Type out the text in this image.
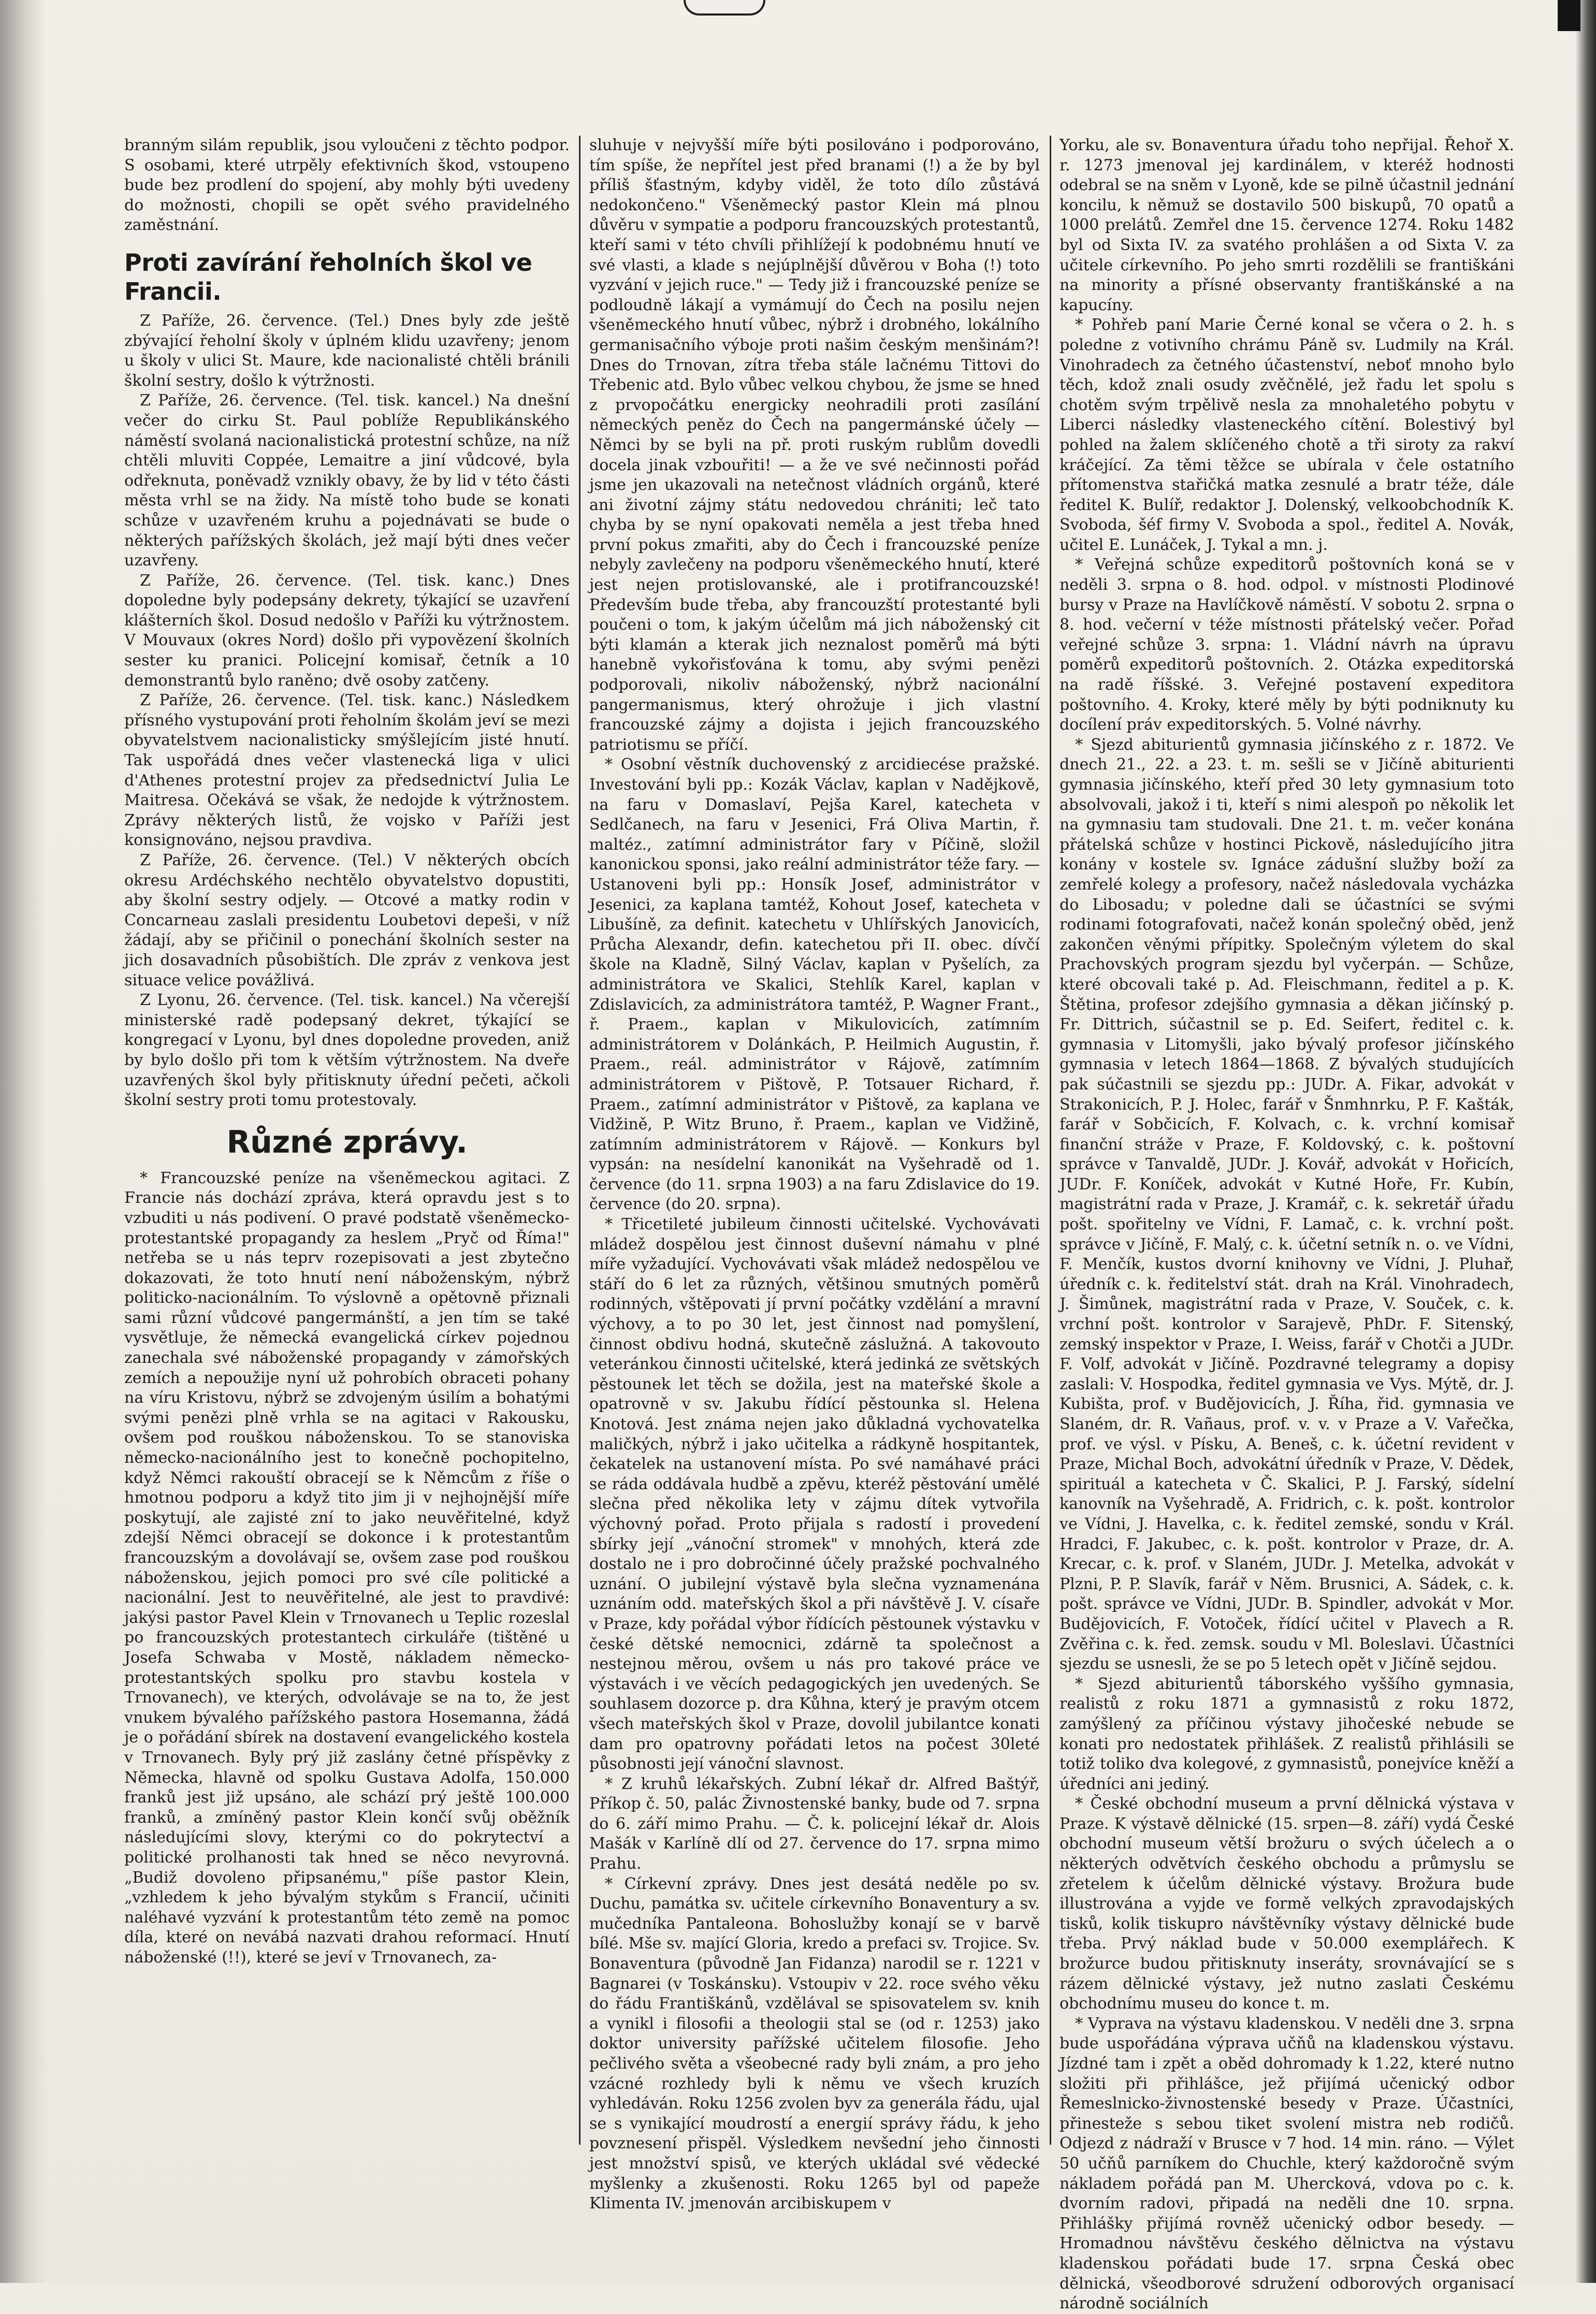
branným silám republik, jsou vyloučeni z těchto podpor. S osobami, které utrpěly efektivních škod, vstoupeno bude bez prodlení do spojení, aby mohly býti uvedeny do možnosti, chopili se opět svého pravidelného zaměstnání.

Proti zavírání řeholních škol ve Francii.

Z Paříže, 26. července. (Tel.) Dnes byly zde ještě zbývající řeholní školy v úplném klidu uzavřeny; jenom u školy v ulici St. Maure, kde nacionalisté chtěli bránili školní sestry, došlo k výtržnosti.

Z Paříže, 26. července. (Tel. tisk. kancel.) Na dnešní večer do cirku St. Paul poblíže Republikánského náměstí svolaná nacionalistická protestní schůze, na níž chtěli mluviti Coppée, Lemaitre a jiní vůdcové, byla odřeknuta, poněvadž vznikly obavy, že by lid v této části města vrhl se na židy. Na místě toho bude se konati schůze v uzavřeném kruhu a pojednávati se bude o některých pařížských školách, jež mají býti dnes večer uzavřeny.

Z Paříže, 26. července. (Tel. tisk. kanc.) Dnes dopoledne byly podepsány dekrety, týkající se uzavření klášterních škol. Dosud nedošlo v Paříži ku výtržnostem. V Mouvaux (okres Nord) došlo při vypovězení školních sester ku pranici. Policejní komisař, četník a 10 demonstrantů bylo raněno; dvě osoby zatčeny.

Z Paříže, 26. července. (Tel. tisk. kanc.) Následkem přísného vystupování proti řeholním školám jeví se mezi obyvatelstvem nacionalisticky smýšlejícím jisté hnutí. Tak uspořádá dnes večer vlastenecká liga v ulici d'Athenes protestní projev za předsednictví Julia Le Maitresa. Očekává se však, že nedojde k výtržnostem. Zprávy některých listů, že vojsko v Paříži jest konsignováno, nejsou pravdiva.

Z Paříže, 26. července. (Tel.) V některých obcích okresu Ardéchského nechtělo obyvatelstvo dopustiti, aby školní sestry odjely. — Otcové a matky rodin v Concarneau zaslali presidentu Loubetovi depeši, v níž žádají, aby se přičinil o ponechání školních sester na jich dosavadních působištích. Dle zpráv z venkova jest situace velice povážlivá.

Z Lyonu, 26. července. (Tel. tisk. kancel.) Na včerejší ministerské radě podepsaný dekret, týkající se kongregací v Lyonu, byl dnes dopoledne proveden, aniž by bylo došlo při tom k větším výtržnostem. Na dveře uzavřených škol byly přitisknuty úřední pečeti, ačkoli školní sestry proti tomu protestovaly.

Různé zprávy.

* Francouzské peníze na všeněmeckou agitaci. Z Francie nás dochází zpráva, která opravdu jest s to vzbuditi u nás podivení. O pravé podstatě všeněmecko-protestantské propagandy za heslem „Pryč od Říma!" netřeba se u nás teprv rozepisovati a jest zbytečno dokazovati, že toto hnutí není náboženským, nýbrž politicko-nacionálním. To výslovně a opětovně přiznali sami různí vůdcové pangermánští, a jen tím se také vysvětluje, že německá evangelická církev pojednou zanechala své náboženské propagandy v zámořských zemích a nepoužije nyní už pohrobích obraceti pohany na víru Kristovu, nýbrž se zdvojeným úsilím a bohatými svými penězi plně vrhla se na agitaci v Rakousku, ovšem pod rouškou náboženskou. To se stanoviska německo-nacionálního jest to konečně pochopitelno, když Němci rakouští obracejí se k Němcům z říše o hmotnou podporu a když tito jim ji v nejhojnější míře poskytují, ale zajisté zní to jako neuvěřitelné, když zdejší Němci obracejí se dokonce i k protestantům francouzským a dovolávají se, ovšem zase pod rouškou náboženskou, jejich pomoci pro své cíle politické a nacionální. Jest to neuvěřitelné, ale jest to pravdivé: jakýsi pastor Pavel Klein v Trnovanech u Teplic rozeslal po francouzských protestantech cirkuláře (tištěné u Josefa Schwaba v Mostě, nákladem německo-protestantských spolku pro stavbu kostela v Trnovanech), ve kterých, odvolávaje se na to, že jest vnukem bývalého pařížského pastora Hosemanna, žádá je o pořádání sbírek na dostavení evangelického kostela v Trnovanech. Byly prý již zaslány četné příspěvky z Německa, hlavně od spolku Gustava Adolfa, 150.000 franků jest již upsáno, ale schází prý ještě 100.000 franků, a zmíněný pastor Klein končí svůj oběžník následujícími slovy, kterými co do pokrytectví a politické prolhanosti tak hned se něco nevyrovná. „Budiž dovoleno připsanému," píše pastor Klein, „vzhledem k jeho bývalým stykům s Francií, učiniti naléhavé vyzvání k protestantům této země na pomoc díla, které on nevábá nazvati drahou reformací. Hnutí náboženské (!!), které se jeví v Trnovanech, za-

sluhuje v nejvyšší míře býti posilováno i podporováno, tím spíše, že nepřítel jest před branami (!) a že by byl příliš šťastným, kdyby viděl, že toto dílo zůstává nedokončeno." Všeněmecký pastor Klein má plnou důvěru v sympatie a podporu francouzských protestantů, kteří sami v této chvíli přihlížejí k podobnému hnutí ve své vlasti, a klade s nejúplnější důvěrou v Boha (!) toto vyzvání v jejich ruce." — Tedy již i francouzské peníze se podloudně lákají a vymámují do Čech na posilu nejen všeněmeckého hnutí vůbec, nýbrž i drobného, lokálního germanisačního výboje proti našim českým menšinám?! Dnes do Trnovan, zítra třeba stále lačnému Tittovi do Třebenic atd. Bylo vůbec velkou chybou, že jsme se hned z prvopočátku energicky neohradili proti zasílání německých peněz do Čech na pangermánské účely — Němci by se byli na př. proti ruským rublům dovedli docela jinak vzbouřiti! — a že ve své nečinnosti pořád jsme jen ukazovali na netečnost vládních orgánů, které ani životní zájmy státu nedovedou chrániti; leč tato chyba by se nyní opakovati neměla a jest třeba hned první pokus zmařiti, aby do Čech i francouzské peníze nebyly zavlečeny na podporu všeněmeckého hnutí, které jest nejen protislovanské, ale i protifrancouzské! Především bude třeba, aby francouzští protestanté byli poučeni o tom, k jakým účelům má jich náboženský cit býti klamán a kterak jich neznalost poměrů má býti hanebně vykořisťována k tomu, aby svými penězi podporovali, nikoliv náboženský, nýbrž nacionální pangermanismus, který ohrožuje i jich vlastní francouzské zájmy a dojista i jejich francouzského patriotismu se příčí.

* Osobní věstník duchovenský z arcidiecése pražské. Investování byli pp.: Kozák Václav, kaplan v Nadějkově, na faru v Domaslaví, Pejša Karel, katecheta v Sedlčanech, na faru v Jesenici, Frá Oliva Martin, ř. maltéz., zatímní administrátor fary v Píčině, složil kanonickou sponsi, jako reální administrátor téže fary. — Ustanoveni byli pp.: Honsík Josef, administrátor v Jesenici, za kaplana tamtéž, Kohout Josef, katecheta v Libušíně, za definit. katechetu v Uhlířských Janovicích, Průcha Alexandr, defin. katechetou při II. obec. dívčí škole na Kladně, Silný Václav, kaplan v Pyšelích, za administrátora ve Skalici, Stehlík Karel, kaplan v Zdislavicích, za administrátora tamtéž, P. Wagner Frant., ř. Praem., kaplan v Mikulovicích, zatímním administrátorem v Dolánkách, P. Heilmich Augustin, ř. Praem., reál. administrátor v Rájově, zatímním administrátorem v Pištově, P. Totsauer Richard, ř. Praem., zatímní administrátor v Pištově, za kaplana ve Vidžině, P. Witz Bruno, ř. Praem., kaplan ve Vidžině, zatímním administrátorem v Rájově. — Konkurs byl vypsán: na nesídelní kanonikát na Vyšehradě od 1. července (do 11. srpna 1903) a na faru Zdislavice do 19. července (do 20. srpna).

* Třicetileté jubileum činnosti učitelské. Vychovávati mládež dospělou jest činnost duševní námahu v plné míře vyžadující. Vychovávati však mládež nedospělou ve stáří do 6 let za různých, většinou smutných poměrů rodinných, vštěpovati jí první počátky vzdělání a mravní výchovy, a to po 30 let, jest činnost nad pomyšlení, činnost obdivu hodná, skutečně záslužná. A takovouto veteránkou činnosti učitelské, která jedinká ze světských pěstounek let těch se dožila, jest na mateřské škole a opatrovně v sv. Jakubu řídící pěstounka sl. Helena Knotová. Jest známa nejen jako důkladná vychovatelka maličkých, nýbrž i jako učitelka a rádkyně hospitantek, čekatelek na ustanovení místa. Po své namáhavé práci se ráda oddávala hudbě a zpěvu, kteréž pěstování umělé slečna před několika lety v zájmu dítek vytvořila výchovný pořad. Proto přijala s radostí i provedení sbírky její „vánoční stromek" v mnohých, která zde dostalo ne i pro dobročinné účely pražské pochvalného uznání. O jubilejní výstavě byla slečna vyznamenána uznáním odd. mateřských škol a při návštěvě J. V. císaře v Praze, kdy pořádal výbor řídících pěstounek výstavku v české dětské nemocnici, zdárně ta společnost a nestejnou měrou, ovšem u nás pro takové práce ve výstavách i ve věcích pedagogických jen uvedených. Se souhlasem dozorce p. dra Kůhna, který je pravým otcem všech mateřských škol v Praze, dovolil jubilantce konati dam pro opatrovny pořádati letos na počest 30leté působnosti její vánoční slavnost.

* Z kruhů lékařských. Zubní lékař dr. Alfred Baštýř, Příkop č. 50, palác Živnostenské banky, bude od 7. srpna do 6. září mimo Prahu. — Č. k. policejní lékař dr. Alois Mašák v Karlíně dlí od 27. července do 17. srpna mimo Prahu.

* Církevní zprávy. Dnes jest desátá neděle po sv. Duchu, památka sv. učitele církevního Bonaventury a sv. mučedníka Pantaleona. Bohoslužby konají se v barvě bílé. Mše sv. mající Gloria, kredo a prefaci sv. Trojice. Sv. Bonaventura (původně Jan Fidanza) narodil se r. 1221 v Bagnarei (v Toskánsku). Vstoupiv v 22. roce svého věku do řádu Františkánů, vzdělával se spisovatelem sv. knih a vynikl i filosofii a theologii stal se (od r. 1253) jako doktor university pařížské učitelem filosofie. Jeho pečlivého světa a všeobecné rady byli znám, a pro jeho vzácné rozhledy byli k němu ve všech kruzích vyhledáván. Roku 1256 zvolen byv za generála řádu, ujal se s vynikající moudrostí a energií správy řádu, k jeho povznesení přispěl. Výsledkem nevšední jeho činnosti jest množství spisů, ve kterých ukládal své vědecké myšlenky a zkušenosti. Roku 1265 byl od papeže Klimenta IV. jmenován arcibiskupem v

Yorku, ale sv. Bonaventura úřadu toho nepřijal. Řehoř X. r. 1273 jmenoval jej kardinálem, v kteréž hodnosti odebral se na sněm v Lyoně, kde se pilně účastnil jednání koncilu, k němuž se dostavilo 500 biskupů, 70 opatů a 1000 prelátů. Zemřel dne 15. července 1274. Roku 1482 byl od Sixta IV. za svatého prohlášen a od Sixta V. za učitele církevního. Po jeho smrti rozdělili se františkáni na minority a přísné observanty františkánské a na kapucíny.

* Pohřeb paní Marie Černé konal se včera o 2. h. s poledne z votivního chrámu Páně sv. Ludmily na Král. Vinohradech za četného účastenství, neboť mnoho bylo těch, kdož znali osudy zvěčnělé, jež řadu let spolu s chotěm svým trpělivě nesla za mnohaletého pobytu v Liberci následky vlasteneckého cítění. Bolestivý byl pohled na žalem sklíčeného chotě a tři siroty za rakví kráčející. Za těmi těžce se ubírala v čele ostatního přítomenstva stařičká matka zesnulé a bratr téže, dále ředitel K. Bulíř, redaktor J. Dolenský, velkoobchodník K. Svoboda, šéf firmy V. Svoboda a spol., ředitel A. Novák, učitel E. Lunáček, J. Tykal a mn. j.

* Veřejná schůze expeditorů poštovních koná se v neděli 3. srpna o 8. hod. odpol. v místnosti Plodinové bursy v Praze na Havlíčkově náměstí. V sobotu 2. srpna o 8. hod. večerní v téže místnosti přátelský večer. Pořad veřejné schůze 3. srpna: 1. Vládní návrh na úpravu poměrů expeditorů poštovních. 2. Otázka expeditorská na radě říšské. 3. Veřejné postavení expeditora poštovního. 4. Kroky, které měly by býti podniknuty ku docílení práv expeditorských. 5. Volné návrhy.

* Sjezd abiturientů gymnasia jičínského z r. 1872. Ve dnech 21., 22. a 23. t. m. sešli se v Jičíně abiturienti gymnasia jičínského, kteří před 30 lety gymnasium toto absolvovali, jakož i ti, kteří s nimi alespoň po několik let na gymnasiu tam studovali. Dne 21. t. m. večer konána přátelská schůze v hostinci Pickově, následujícího jitra konány v kostele sv. Ignáce zádušní služby boží za zemřelé kolegy a profesory, načež následovala vycházka do Libosadu; v poledne dali se účastníci se svými rodinami fotografovati, načež konán společný oběd, jenž zakončen věnými přípitky. Společným výletem do skal Prachovských program sjezdu byl vyčerpán. — Schůze, které obcovali také p. Ad. Fleischmann, ředitel a p. K. Štětina, profesor zdejšího gymnasia a děkan jičínský p. Fr. Dittrich, súčastnil se p. Ed. Seifert, ředitel c. k. gymnasia v Litomyšli, jako bývalý profesor jičínského gymnasia v letech 1864—1868. Z bývalých studujících pak súčastnili se sjezdu pp.: JUDr. A. Fikar, advokát v Strakonicích, P. J. Holec, farář v Šnmhnrku, P. F. Kašták, farář v Sobčicích, F. Kolvach, c. k. vrchní komisař finanční stráže v Praze, F. Koldovský, c. k. poštovní správce v Tanvaldě, JUDr. J. Kovář, advokát v Hořicích, JUDr. F. Koníček, advokát v Kutné Hoře, Fr. Kubín, magistrátní rada v Praze, J. Kramář, c. k. sekretář úřadu pošt. spořitelny ve Vídni, F. Lamač, c. k. vrchní pošt. správce v Jičíně, F. Malý, c. k. účetní setník n. o. ve Vídni, F. Menčík, kustos dvorní knihovny ve Vídni, J. Pluhař, úředník c. k. ředitelství stát. drah na Král. Vinohradech, J. Šimůnek, magistrátní rada v Praze, V. Souček, c. k. vrchní pošt. kontrolor v Sarajevě, PhDr. F. Sitenský, zemský inspektor v Praze, I. Weiss, farář v Chotči a JUDr. F. Volf, advokát v Jičíně. Pozdravné telegramy a dopisy zaslali: V. Hospodka, ředitel gymnasia ve Vys. Mýtě, dr. J. Kubišta, prof. v Budějovicích, J. Říha, řid. gymnasia ve Slaném, dr. R. Vañaus, prof. v. v. v Praze a V. Vařečka, prof. ve výsl. v Písku, A. Beneš, c. k. účetní revident v Praze, Michal Boch, advokátní úředník v Praze, V. Dědek, spirituál a katecheta v Č. Skalici, P. J. Farský, sídelní kanovník na Vyšehradě, A. Fridrich, c. k. pošt. kontrolor ve Vídni, J. Havelka, c. k. ředitel zemské, sondu v Král. Hradci, F. Jakubec, c. k. pošt. kontrolor v Praze, dr. A. Krecar, c. k. prof. v Slaném, JUDr. J. Metelka, advokát v Plzni, P. P. Slavík, farář v Něm. Brusnici, A. Sádek, c. k. pošt. správce ve Vídni, JUDr. B. Spindler, advokát v Mor. Budějovicích, F. Votoček, řídící učitel v Plavech a R. Zvěřina c. k. řed. zemsk. soudu v Ml. Boleslavi. Účastníci sjezdu se usnesli, že se po 5 letech opět v Jičíně sejdou.

* Sjezd abiturientů táborského vyššího gymnasia, realistů z roku 1871 a gymnasistů z roku 1872, zamýšlený za příčinou výstavy jihočeské nebude se konati pro nedostatek přihlášek. Z realistů přihlásili se totiž toliko dva kolegové, z gymnasistů, ponejvíce kněží a úředníci ani jediný.

* České obchodní museum a první dělnická výstava v Praze. K výstavě dělnické (15. srpen—8. září) vydá České obchodní museum větší brožuru o svých účelech a o některých odvětvích českého obchodu a průmyslu se zřetelem k účelům dělnické výstavy. Brožura bude illustrována a vyjde ve formě velkých zpravodajských tisků, kolik tiskupro návštěvníky výstavy dělnické bude třeba. Prvý náklad bude v 50.000 exemplářech. K brožurce budou přitisknuty inseráty, srovnávající se s rázem dělnické výstavy, jež nutno zaslati Českému obchodnímu museu do konce t. m.

* Vyprava na výstavu kladenskou. V neděli dne 3. srpna bude uspořádána výprava učňů na kladenskou výstavu. Jízdné tam i zpět a oběd dohromady k 1.22, které nutno složiti při přihlášce, jež přijímá učenický odbor Řemeslnicko-živnostenské besedy v Praze. Účastníci, přinesteže s sebou tiket svolení mistra neb rodičů. Odjezd z nádraží v Brusce v 7 hod. 14 min. ráno. — Výlet 50 učňů parníkem do Chuchle, který každoročně svým nákladem pořádá pan M. Uhercková, vdova po c. k. dvorním radovi, připadá na neděli dne 10. srpna. Přihlášky přijímá rovněž učenický odbor besedy. — Hromadnou návštěvu českého dělnictva na výstavu kladenskou pořádati bude 17. srpna Česká obec dělnická, všeodborové sdružení odborových organisací národně sociálních
